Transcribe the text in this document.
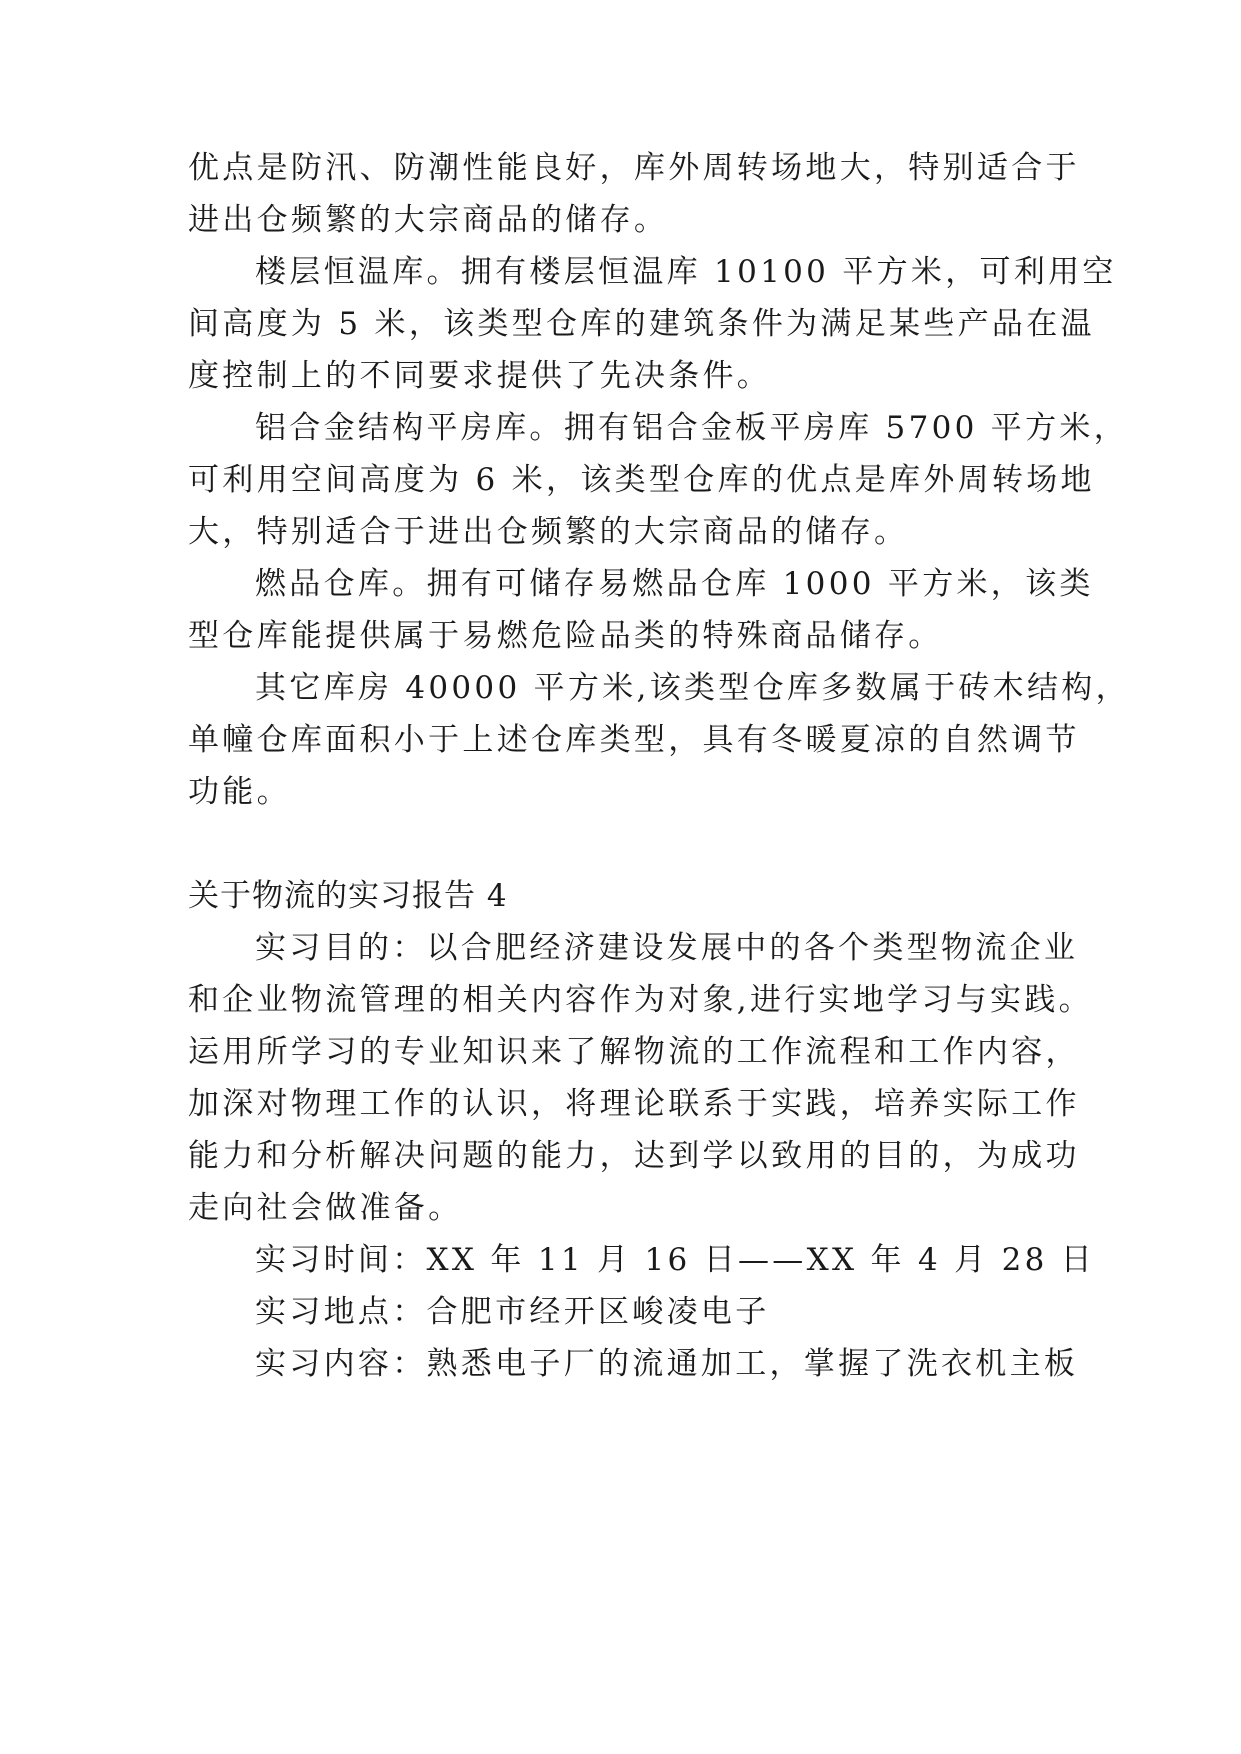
优点是防汛、防潮性能良好，库外周转场地大，特别适合于

进出仓频繁的大宗商品的储存。

楼层恒温库。拥有楼层恒温库 10100 平方米，可利用空

间高度为 5 米，该类型仓库的建筑条件为满足某些产品在温

度控制上的不同要求提供了先决条件。

铝合金结构平房库。拥有铝合金板平房库 5700 平方米，

可利用空间高度为 6 米，该类型仓库的优点是库外周转场地

大，特别适合于进出仓频繁的大宗商品的储存。

燃品仓库。拥有可储存易燃品仓库 1000 平方米，该类

型仓库能提供属于易燃危险品类的特殊商品储存。

其它库房 40000 平方米,该类型仓库多数属于砖木结构，

单幢仓库面积小于上述仓库类型，具有冬暖夏凉的自然调节

功能。

关于物流的实习报告 4

实习目的：以合肥经济建设发展中的各个类型物流企业

和企业物流管理的相关内容作为对象,进行实地学习与实践。

运用所学习的专业知识来了解物流的工作流程和工作内容，

加深对物理工作的认识，将理论联系于实践，培养实际工作

能力和分析解决问题的能力，达到学以致用的目的，为成功

走向社会做准备。

实习时间：XX 年 11 月 16 日——XX 年 4 月 28 日

实习地点：合肥市经开区峻凌电子

实习内容：熟悉电子厂的流通加工，掌握了洗衣机主板
